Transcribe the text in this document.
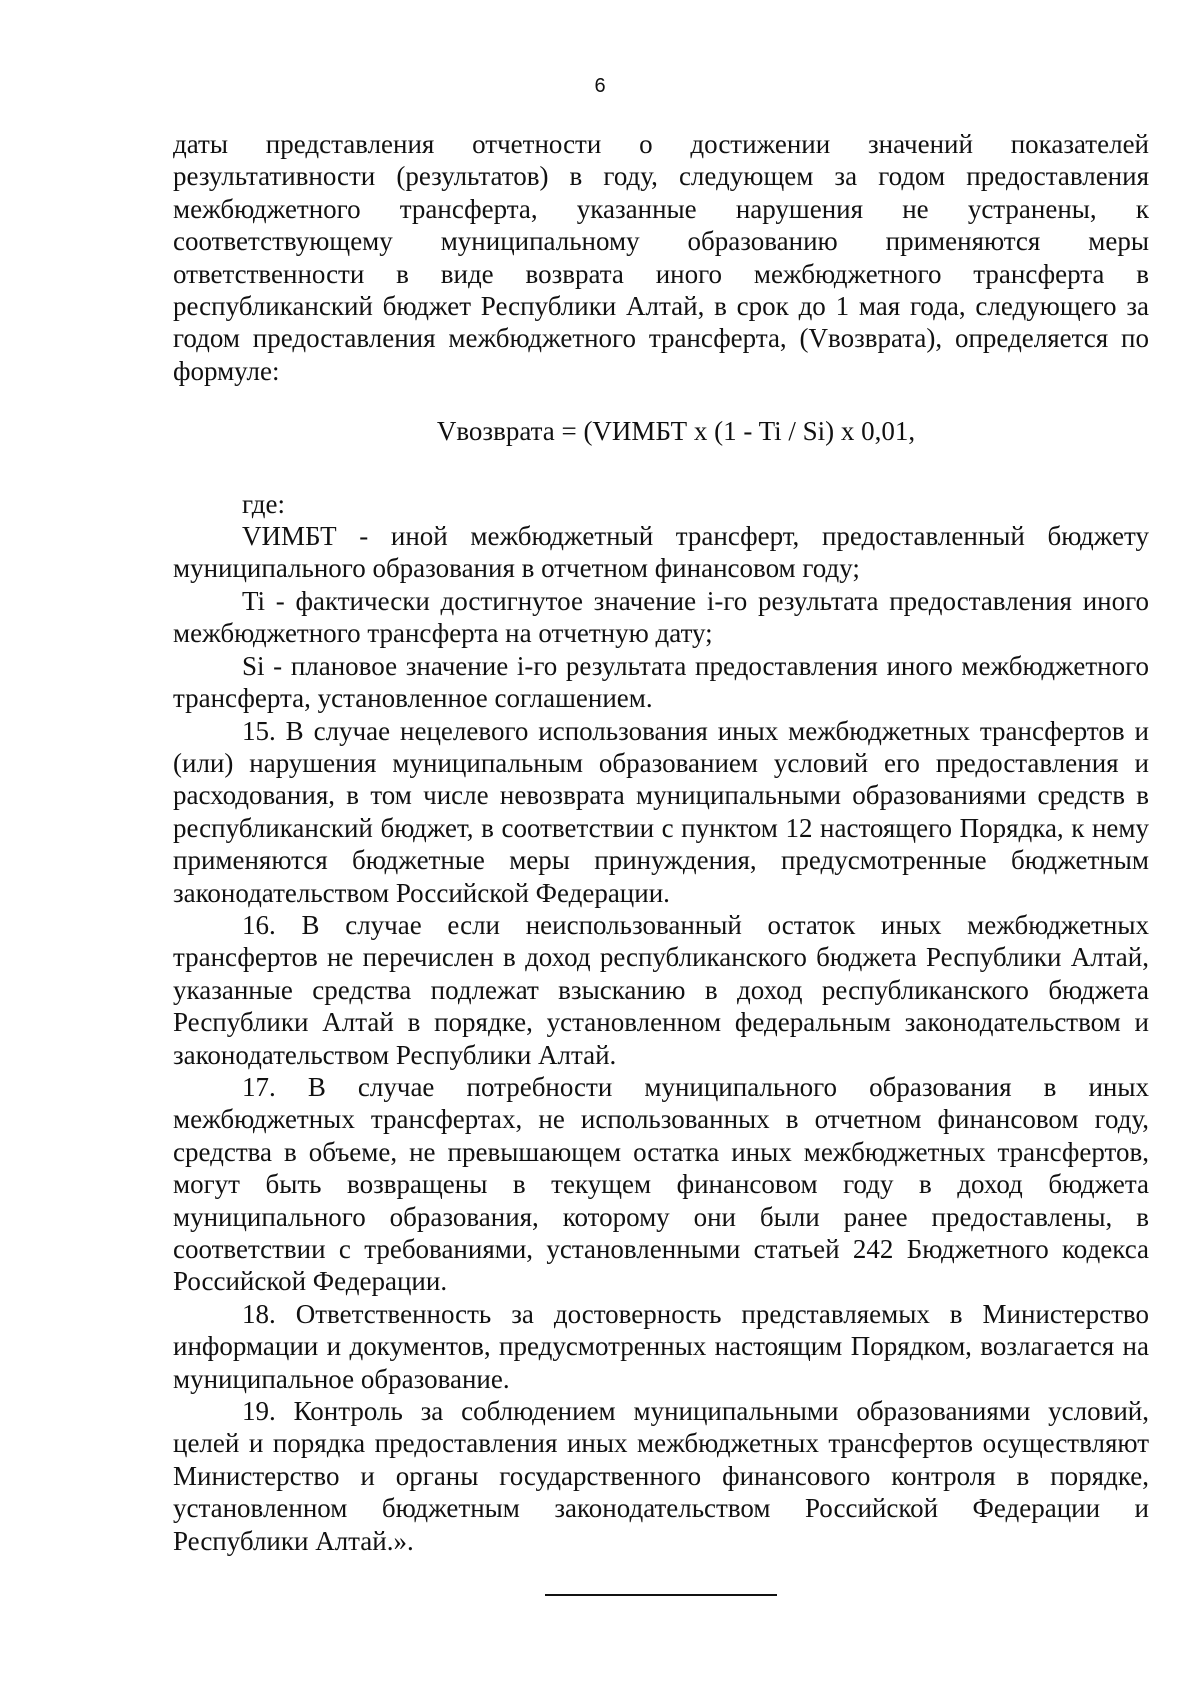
6

даты представления отчетности о достижении значений показателей результативности (результатов) в году, следующем за годом предоставления межбюджетного трансферта, указанные нарушения не устранены, к соответствующему муниципальному образованию применяются меры ответственности в виде возврата иного межбюджетного трансферта в республиканский бюджет Республики Алтай, в срок до 1 мая года, следующего за годом предоставления межбюджетного трансферта, (Vвозврата), определяется по формуле:

Vвозврата = (VИМБТ x (1 - Ti / Si) x 0,01,

где:

VИМБТ - иной межбюджетный трансферт, предоставленный бюджету муниципального образования в отчетном финансовом году;

Ti - фактически достигнутое значение i-го результата предоставления иного межбюджетного трансферта на отчетную дату;

Si - плановое значение i-го результата предоставления иного межбюджетного трансферта, установленное соглашением.

15. В случае нецелевого использования иных межбюджетных трансфертов и (или) нарушения муниципальным образованием условий его предоставления и расходования, в том числе невозврата муниципальными образованиями средств в республиканский бюджет, в соответствии с пунктом 12 настоящего Порядка, к нему применяются бюджетные меры принуждения, предусмотренные бюджетным законодательством Российской Федерации.

16. В случае если неиспользованный остаток иных межбюджетных трансфертов не перечислен в доход республиканского бюджета Республики Алтай, указанные средства подлежат взысканию в доход республиканского бюджета Республики Алтай в порядке, установленном федеральным законодательством и законодательством Республики Алтай.

17. В случае потребности муниципального образования в иных межбюджетных трансфертах, не использованных в отчетном финансовом году, средства в объеме, не превышающем остатка иных межбюджетных трансфертов, могут быть возвращены в текущем финансовом году в доход бюджета муниципального образования, которому они были ранее предоставлены, в соответствии с требованиями, установленными статьей 242 Бюджетного кодекса Российской Федерации.

18. Ответственность за достоверность представляемых в Министерство информации и документов, предусмотренных настоящим Порядком, возлагается на муниципальное образование.

19. Контроль за соблюдением муниципальными образованиями условий, целей и порядка предоставления иных межбюджетных трансфертов осуществляют Министерство и органы государственного финансового контроля в порядке, установленном бюджетным законодательством Российской Федерации и Республики Алтай.».
